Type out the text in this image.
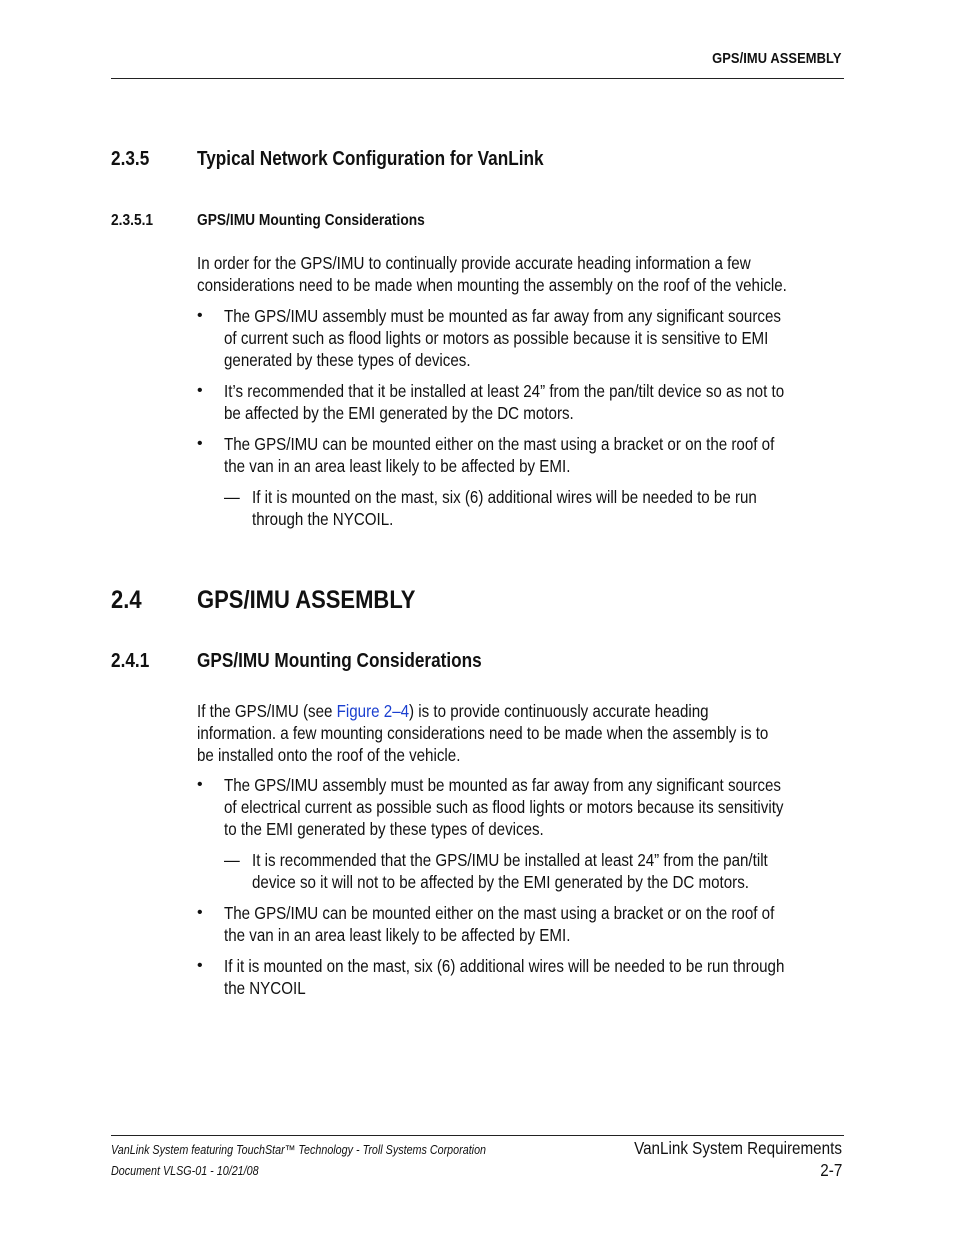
GPS/IMU ASSEMBLY
2.3.5 Typical Network Configuration for VanLink
2.3.5.1	GPS/IMU Mounting Considerations
In order for the GPS/IMU to continually provide accurate heading information a few
considerations need to be made when mounting the assembly on the roof of the vehicle.
• The GPS/IMU assembly must be mounted as far away from any significant sources
of current such as flood lights or motors as possible because it is sensitive to EMI
generated by these types of devices.
• It’s recommended that it be installed at least 24” from the pan/tilt device so as not to
be affected by the EMI generated by the DC motors.
• The GPS/IMU can be mounted either on the mast using a bracket or on the roof of
the van in an area least likely to be affected by EMI.
— If it is mounted on the mast, six (6) additional wires will be needed to be run
through the NYCOIL.
2.4 GPS/IMU ASSEMBLY
2.4.1 GPS/IMU Mounting Considerations
If the GPS/IMU (see Figure 2–4) is to provide continuously accurate heading
information. a few mounting considerations need to be made when the assembly is to
be installed onto the roof of the vehicle.
• The GPS/IMU assembly must be mounted as far away from any significant sources
of electrical current as possible such as flood lights or motors because its sensitivity
to the EMI generated by these types of devices.
— It is recommended that the GPS/IMU be installed at least 24” from the pan/tilt
device so it will not to be affected by the EMI generated by the DC motors.
• The GPS/IMU can be mounted either on the mast using a bracket or on the roof of
the van in an area least likely to be affected by EMI.
• If it is mounted on the mast, six (6) additional wires will be needed to be run through
the NYCOIL
VanLink System featuring TouchStar™ Technology - Troll Systems Corporation
Document VLSG-01 - 10/21/08
VanLink System Requirements
2-7
